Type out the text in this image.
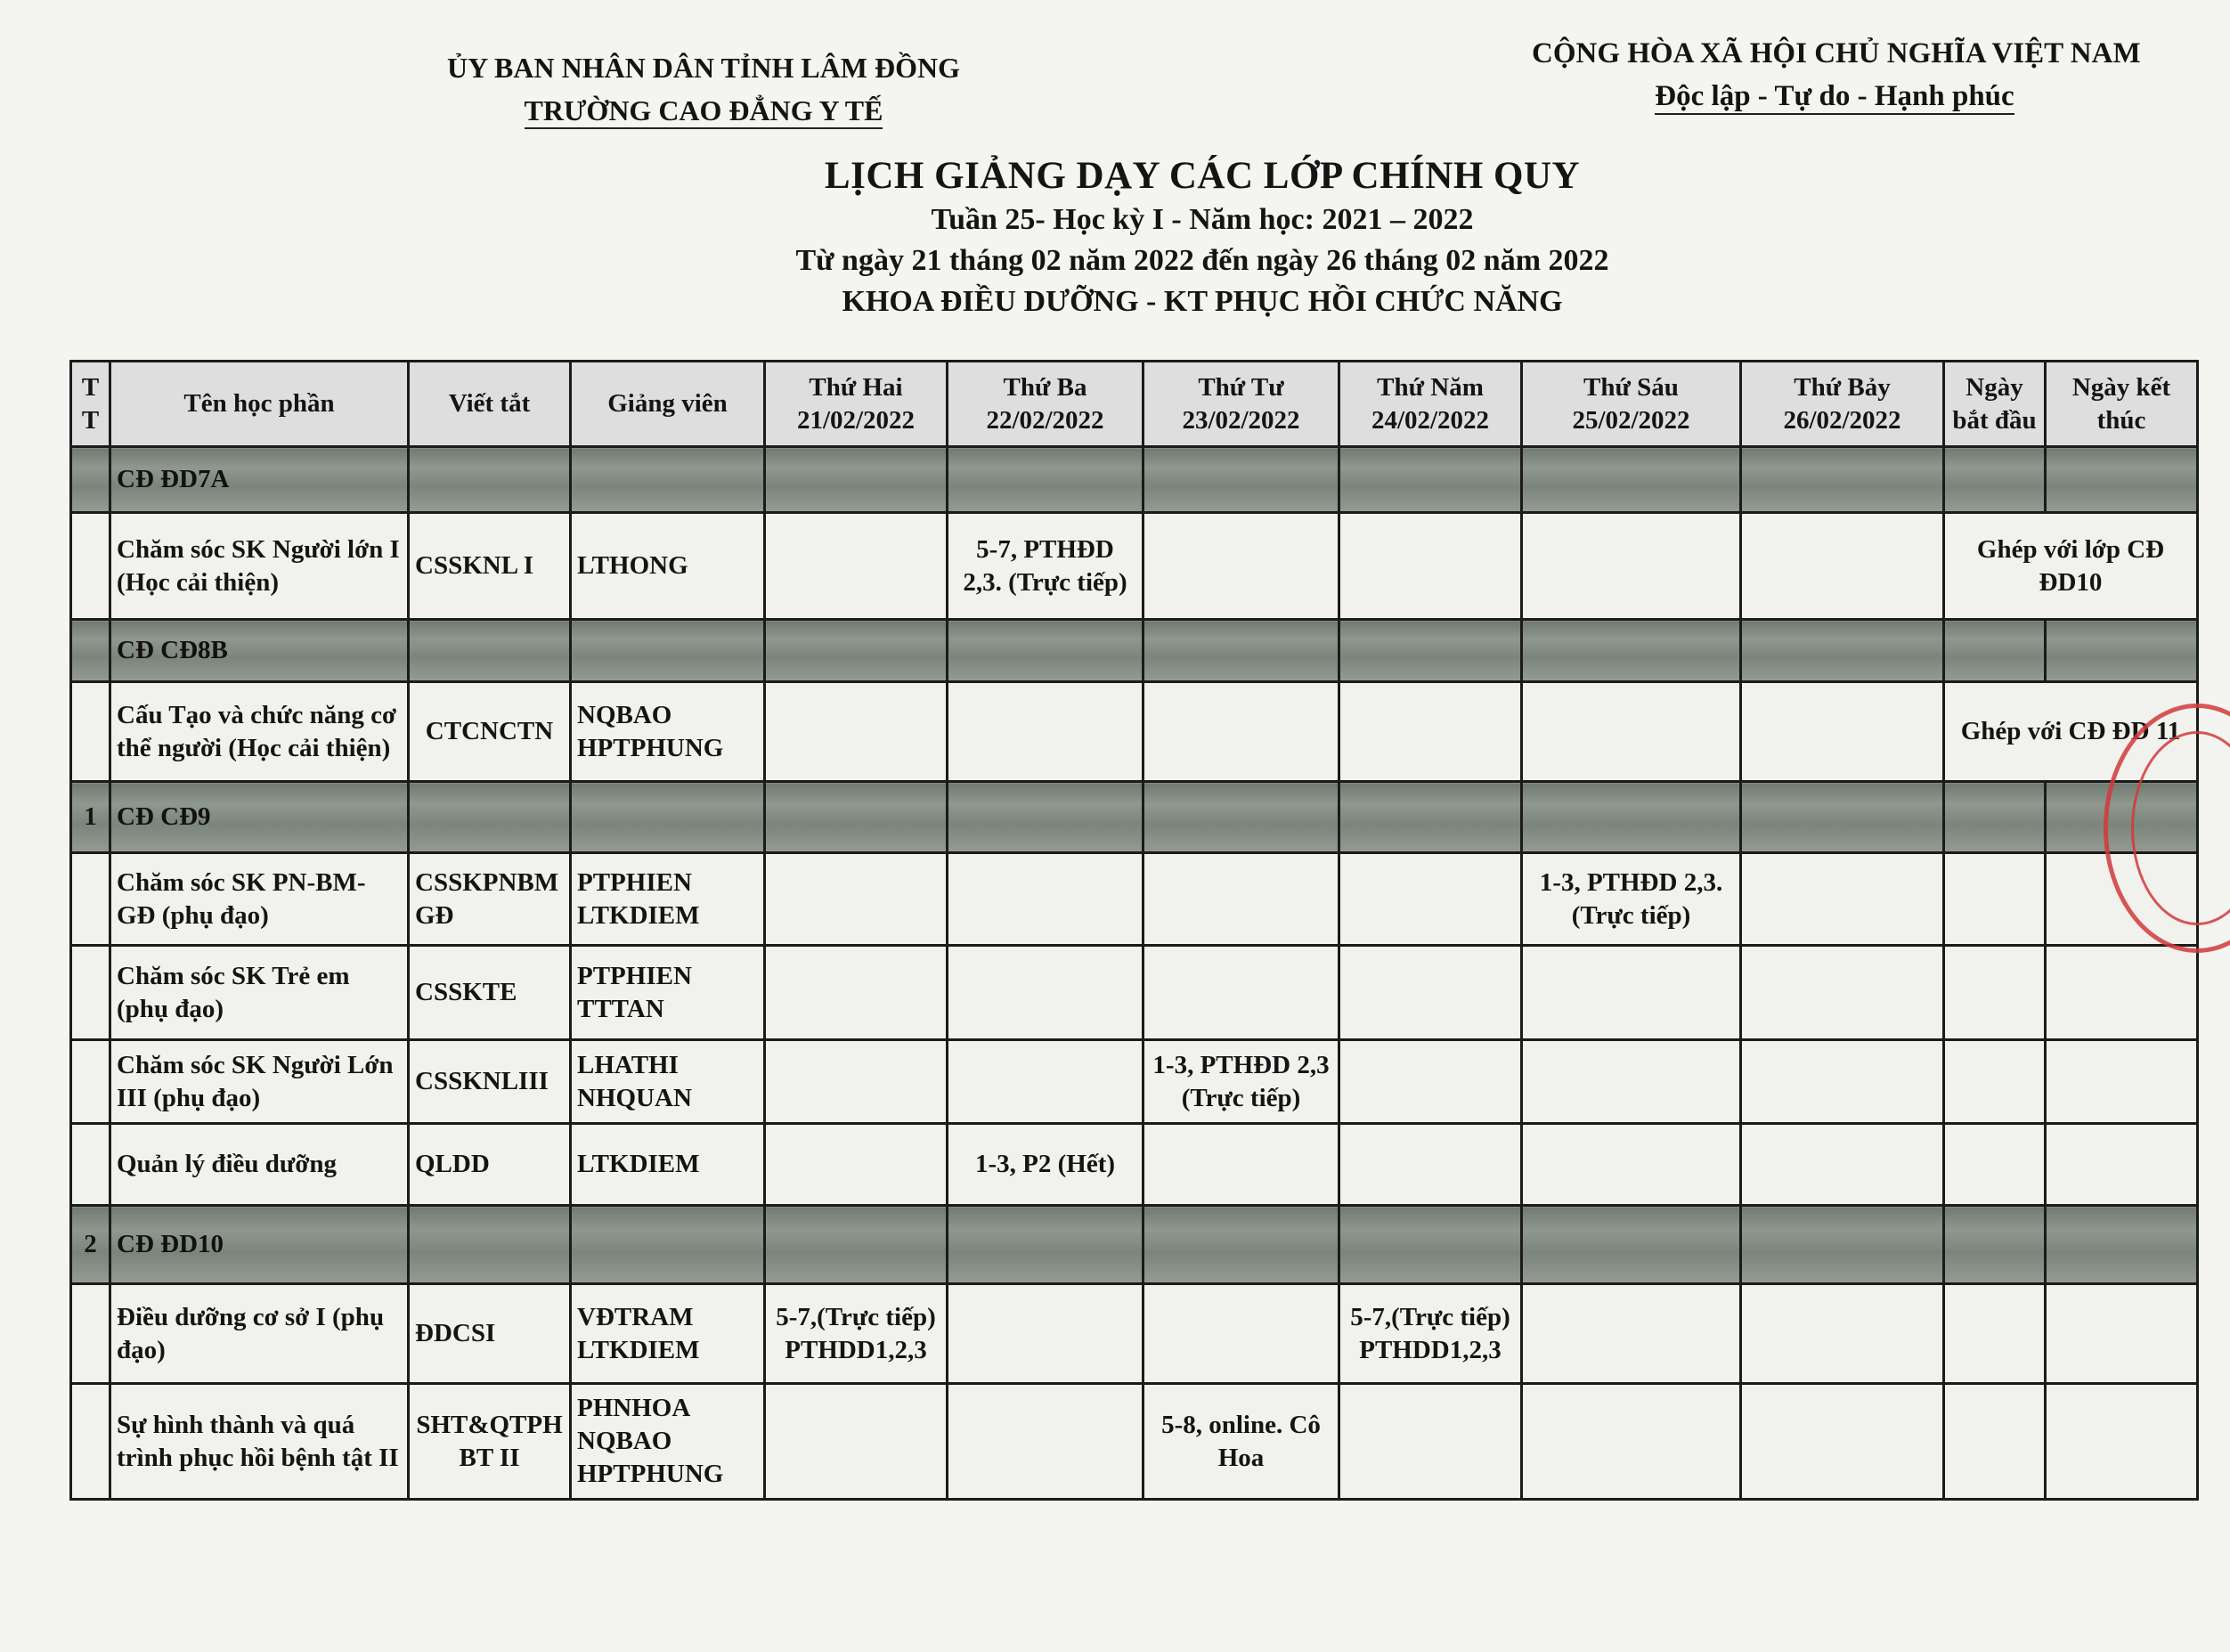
ỦY BAN NHÂN DÂN TỈNH LÂM ĐỒNG
TRƯỜNG CAO ĐẲNG Y TẾ
CỘNG HÒA XÃ HỘI CHỦ NGHĨA VIỆT NAM
Độc lập - Tự do - Hạnh phúc
LỊCH GIẢNG DẠY CÁC LỚP CHÍNH QUY
Tuần 25- Học kỳ I - Năm học: 2021 – 2022
Từ ngày 21 tháng 02 năm 2022 đến ngày 26 tháng 02 năm 2022
KHOA ĐIỀU DƯỠNG - KT PHỤC HỒI CHỨC NĂNG
T T	Tên học phần	Viết tắt	Giảng viên	Thứ Hai 21/02/2022	Thứ Ba 22/02/2022	Thứ Tư 23/02/2022	Thứ Năm 24/02/2022	Thứ Sáu 25/02/2022	Thứ Bảy 26/02/2022	Ngày bắt đầu	Ngày kết thúc
	CĐ ĐD7A										
	Chăm sóc SK Người lớn I (Học cải thiện)	CSSKNL I	LTHONG		5-7, PTHĐD 2,3. (Trực tiếp)					Ghép với lớp CĐ ĐD10	
	CĐ CĐ8B										
	Cấu Tạo và chức năng cơ thể người (Học cải thiện)	CTCNCTN	NQBAO HPTPHUNG							Ghép với CĐ ĐD 11	
1	CĐ CĐ9										
	Chăm sóc SK PN-BM-GĐ (phụ đạo)	CSSKPNBM GĐ	PTPHIEN LTKDIEM					1-3, PTHĐD 2,3. (Trực tiếp)			
	Chăm sóc SK Trẻ em (phụ đạo)	CSSKTE	PTPHIEN TTTAN								
	Chăm sóc SK Người Lớn III (phụ đạo)	CSSKNLIII	LHATHI NHQUAN			1-3, PTHĐD 2,3 (Trực tiếp)					
	Quản lý điều dưỡng	QLDD	LTKDIEM		1-3, P2 (Hết)						
2	CĐ ĐD10										
	Điều dưỡng cơ sở I (phụ đạo)	ĐDCSI	VĐTRAM LTKDIEM	5-7,(Trực tiếp) PTHDD1,2,3			5-7,(Trực tiếp) PTHDD1,2,3				
	Sự hình thành và quá trình phục hồi bệnh tật II	SHT&QTPH BT II	PHNHOA NQBAO HPTPHUNG			5-8, online. Cô Hoa					
